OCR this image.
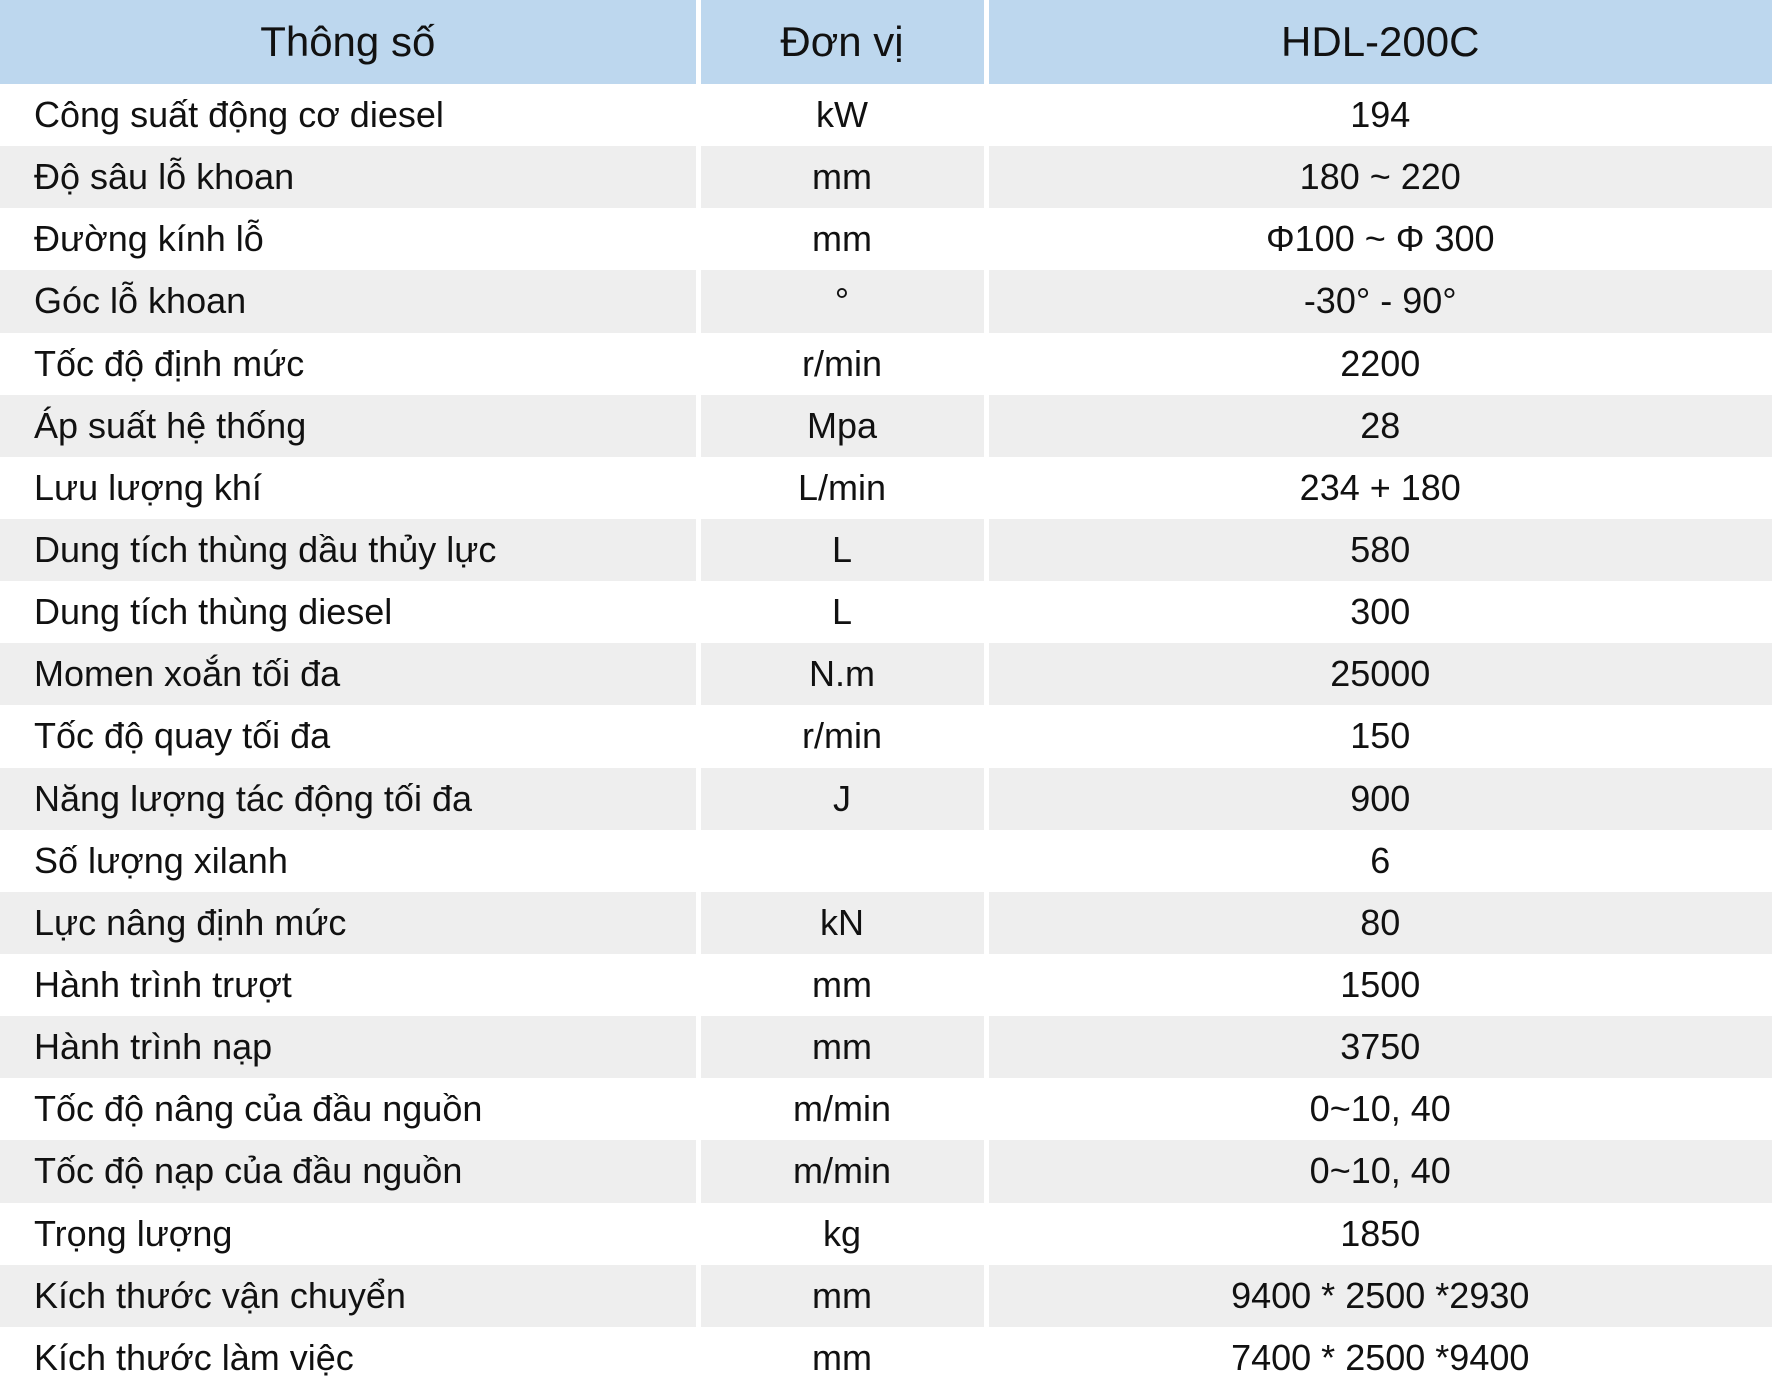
Thông số	Đơn vị	HDL-200C
Công suất động cơ diesel	kW	194
Độ sâu lỗ khoan	mm	180 ~ 220
Đường kính lỗ	mm	Φ100 ~ Φ 300
Góc lỗ khoan	°	-30° - 90°
Tốc độ định mức	r/min	2200
Áp suất hệ thống	Mpa	28
Lưu lượng khí	L/min	234 + 180
Dung tích thùng dầu thủy lực	L	580
Dung tích thùng diesel	L	300
Momen xoắn tối đa	N.m	25000
Tốc độ quay tối đa	r/min	150
Năng lượng tác động tối đa	J	900
Số lượng xilanh		6
Lực nâng định mức	kN	80
Hành trình trượt	mm	1500
Hành trình nạp	mm	3750
Tốc độ nâng của đầu nguồn	m/min	0~10, 40
Tốc độ nạp của đầu nguồn	m/min	0~10, 40
Trọng lượng	kg	1850
Kích thước vận chuyển	mm	9400 * 2500 *2930
Kích thước làm việc	mm	7400 * 2500 *9400
